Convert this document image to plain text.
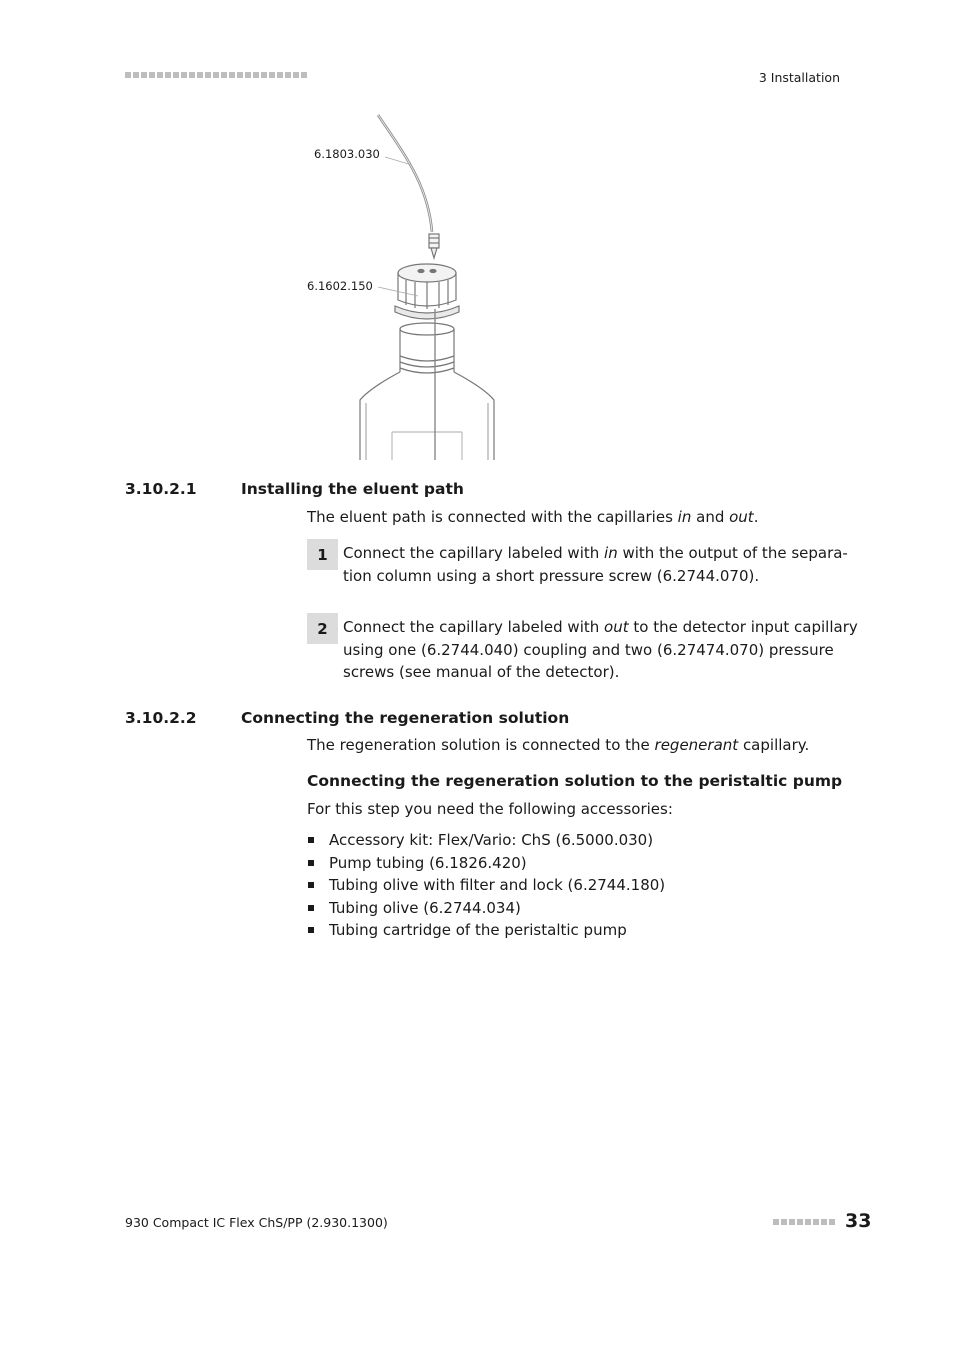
3 Installation
6.1803.030
6.1602.150
3.10.2.1	Installing the eluent path
The eluent path is connected with the capillaries in and out.
1	Connect the capillary labeled with in with the output of the separa-
tion column using a short pressure screw (6.2744.070).
2	Connect the capillary labeled with out to the detector input capillary
using one (6.2744.040) coupling and two (6.27474.070) pressure
screws (see manual of the detector).
3.10.2.2	Connecting the regeneration solution
The regeneration solution is connected to the regenerant capillary.
Connecting the regeneration solution to the peristaltic pump
For this step you need the following accessories:
Accessory kit: Flex/Vario: ChS (6.5000.030)
Pump tubing (6.1826.420)
Tubing olive with filter and lock (6.2744.180)
Tubing olive (6.2744.034)
Tubing cartridge of the peristaltic pump
930 Compact IC Flex ChS/PP (2.930.1300)	33
